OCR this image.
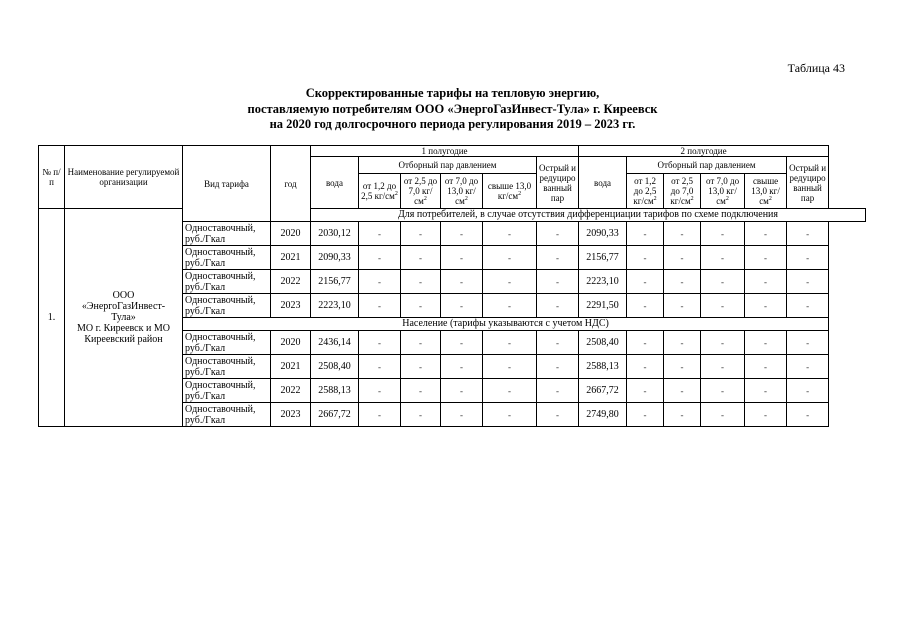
Таблица 43
Скорректированные тарифы на тепловую энергию,
поставляемую потребителям ООО «ЭнергоГазИнвест-Тула» г. Киреевск
на 2020 год долгосрочного периода регулирования 2019 – 2023 гг.
№ п/п	Наименование регулируемой организации	Вид тарифа	год	1 полугодие						2 полугодие					
				вода	Отборный пар давлением				Острый и редуциро ванный пар	вода	Отборный пар давлением				Острый и редуциро ванный пар
					от 1,2 до 2,5 $кг/см^2$	от 2,5 до 7,0 $кг/см^2$	от 7,0 до 13,0 $кг/см^2$	свыше 13,0 $кг/см^2$			от 1,2 до 2,5 $кг/см^2$	от 2,5 до 7,0 $кг/см^2$	от 7,0 до 13,0 $кг/см^2$	свыше 13,0 $кг/см^2$
1.	ООО
«ЭнергоГазИнвест-
Тула»
МО г. Киреевск и МО
Киреевский район			Для потребителей, в случае отсутствия дифференциации тарифов по схеме подключения											
		Одноставочный, руб./Гкал	2020	2030,12	-	-	-	-	-	2090,33	-	-	-	-	-
		Одноставочный, руб./Гкал	2021	2090,33	-	-	-	-	-	2156,77	-	-	-	-	-
		Одноставочный, руб./Гкал	2022	2156,77	-	-	-	-	-	2223,10	-	-	-	-	-
		Одноставочный, руб./Гкал	2023	2223,10	-	-	-	-	-	2291,50	-	-	-	-	-
		Население (тарифы указываются с учетом НДС)													
		Одноставочный, руб./Гкал	2020	2436,14	-	-	-	-	-	2508,40	-	-	-	-	-
		Одноставочный, руб./Гкал	2021	2508,40	-	-	-	-	-	2588,13	-	-	-	-	-
		Одноставочный, руб./Гкал	2022	2588,13	-	-	-	-	-	2667,72	-	-	-	-	-
		Одноставочный, руб./Гкал	2023	2667,72	-	-	-	-	-	2749,80	-	-	-	-	-
